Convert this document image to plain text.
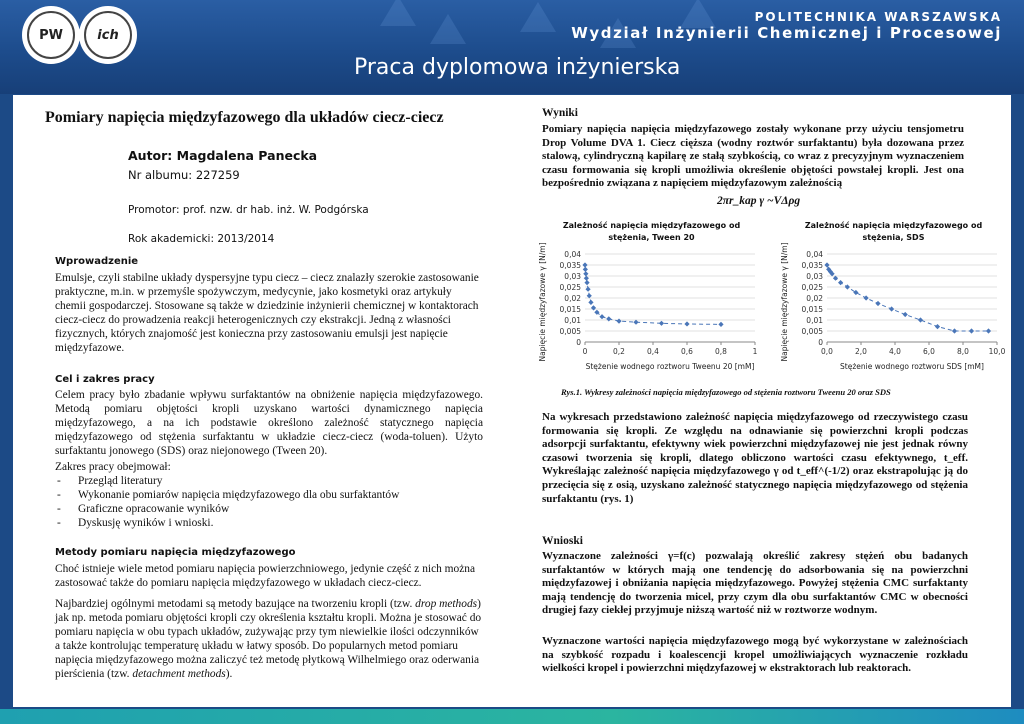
PW	ich
POLITECHNIKA WARSZAWSKA
Wydział Inżynierii Chemicznej i Procesowej
Praca dyplomowa inżynierska
Pomiary napięcia międzyfazowego dla układów ciecz-ciecz
Autor: Magdalena Panecka
Nr albumu: 227259
Promotor: prof. nzw. dr hab. inż. W. Podgórska
Rok akademicki: 2013/2014
Wprowadzenie
Emulsje, czyli stabilne układy dyspersyjne typu ciecz – ciecz znalazły szerokie zastosowanie praktyczne, m.in. w przemyśle spożywczym, medycynie, jako kosmetyki oraz artykuły chemii gospodarczej. Stosowane są także w dziedzinie inżynierii chemicznej w kontaktorach ciecz-ciecz do prowadzenia reakcji heterogenicznych czy ekstrakcji. Jedną z własności fizycznych, których znajomość jest konieczna przy zastosowaniu emulsji jest napięcie międzyfazowe.
Cel i zakres pracy
Celem pracy było zbadanie wpływu surfaktantów na obniżenie napięcia międzyfazowego. Metodą pomiaru objętości kropli uzyskano wartości dynamicznego napięcia międzyfazowego, a na ich podstawie określono zależność statycznego napięcia międzyfazowego od stężenia surfaktantu w układzie ciecz-ciecz (woda-toluen). Użyto surfaktantu jonowego (SDS) oraz niejonowego (Tween 20).
Zakres pracy obejmował:
- Przegląd literatury
- Wykonanie pomiarów napięcia międzyfazowego dla obu surfaktantów
- Graficzne opracowanie wyników
- Dyskusję wyników i wnioski.
Metody pomiaru napięcia międzyfazowego
Choć istnieje wiele metod pomiaru napięcia powierzchniowego, jedynie część z nich można zastosować także do pomiaru napięcia międzyfazowego w układach ciecz-ciecz.
Najbardziej ogólnymi metodami są metody bazujące na tworzeniu kropli (tzw. drop methods) jak np. metoda pomiaru objętości kropli czy określenia kształtu kropli. Można je stosować do pomiaru napięcia w obu typach układów, zużywając przy tym niewielkie ilości odczynników a także kontrolując temperaturę układu w łatwy sposób. Do popularnych metod pomiaru napięcia międzyfazowego można zaliczyć też metodę płytkową Wilhelmiego oraz oderwania pierścienia (tzw. detachment methods).
Wyniki
Pomiary napięcia napięcia międzyfazowego zostały wykonane przy użyciu tensjometru Drop Volume DVA 1. Ciecz cięższa (wodny roztwór surfaktantu) była dozowana przez stalową, cylindryczną kapilarę ze stałą szybkością, co wraz z precyzyjnym wyznaczeniem czasu formowania się kropli umożliwia określenie objętości powstałej kropli. Jest ona bezpośrednio związana z napięciem międzyfazowym zależnością
2πr_kap γ ~VΔρg
Zależność napięcia międzyfazowego od stężenia, Tween 20
0
0,005
0,01
0,015
0,02
0,025
0,03
0,035
0,04
0	0,2	0,4	0,6	0,8	1
Stężenie wodnego roztworu Tweenu 20 [mM]
Napięcie międzyfazowe γ [N/m]
Zależność napięcia międzyfazowego od stężenia, SDS
0
0,005
0,01
0,015
0,02
0,025
0,03
0,035
0,04
0,0	2,0	4,0	6,0	8,0	10,0
Stężenie wodnego roztworu SDS [mM]
Napięcie międzyfazowe γ [N/m]
Rys.1. Wykresy zależności napięcia międzyfazowego od stężenia roztworu Tweenu 20 oraz SDS
Na wykresach przedstawiono zależność napięcia międzyfazowego od rzeczywistego czasu formowania się kropli. Ze względu na odnawianie się powierzchni kropli podczas adsorpcji surfaktantu, efektywny wiek powierzchni międzyfazowej nie jest jednak równy czasowi tworzenia się kropli, dlatego obliczono wartości czasu efektywnego, t_eff. Wykreślając zależność napięcia międzyfazowego γ od t_eff^(-1/2) oraz ekstrapolując ją do przecięcia się z osią, uzyskano zależność statycznego napięcia międzyfazowego od stężenia surfaktantu (rys. 1)
Wnioski
Wyznaczone zależności γ=f(c) pozwalają określić zakresy stężeń obu badanych surfaktantów w których mają one tendencję do adsorbowania się na powierzchni międzyfazowej i obniżania napięcia międzyfazowego. Powyżej stężenia CMC surfaktanty mają tendencję do tworzenia micel, przy czym dla obu surfaktantów CMC w obecności drugiej fazy ciekłej przyjmuje niższą wartość niż w roztworze wodnym.
Wyznaczone wartości napięcia międzyfazowego mogą być wykorzystane w zależnościach na szybkość rozpadu i koalescencji kropel umożliwiających wyznaczenie rozkładu wielkości kropel i powierzchni międzyfazowej w ekstraktorach lub reaktorach.
